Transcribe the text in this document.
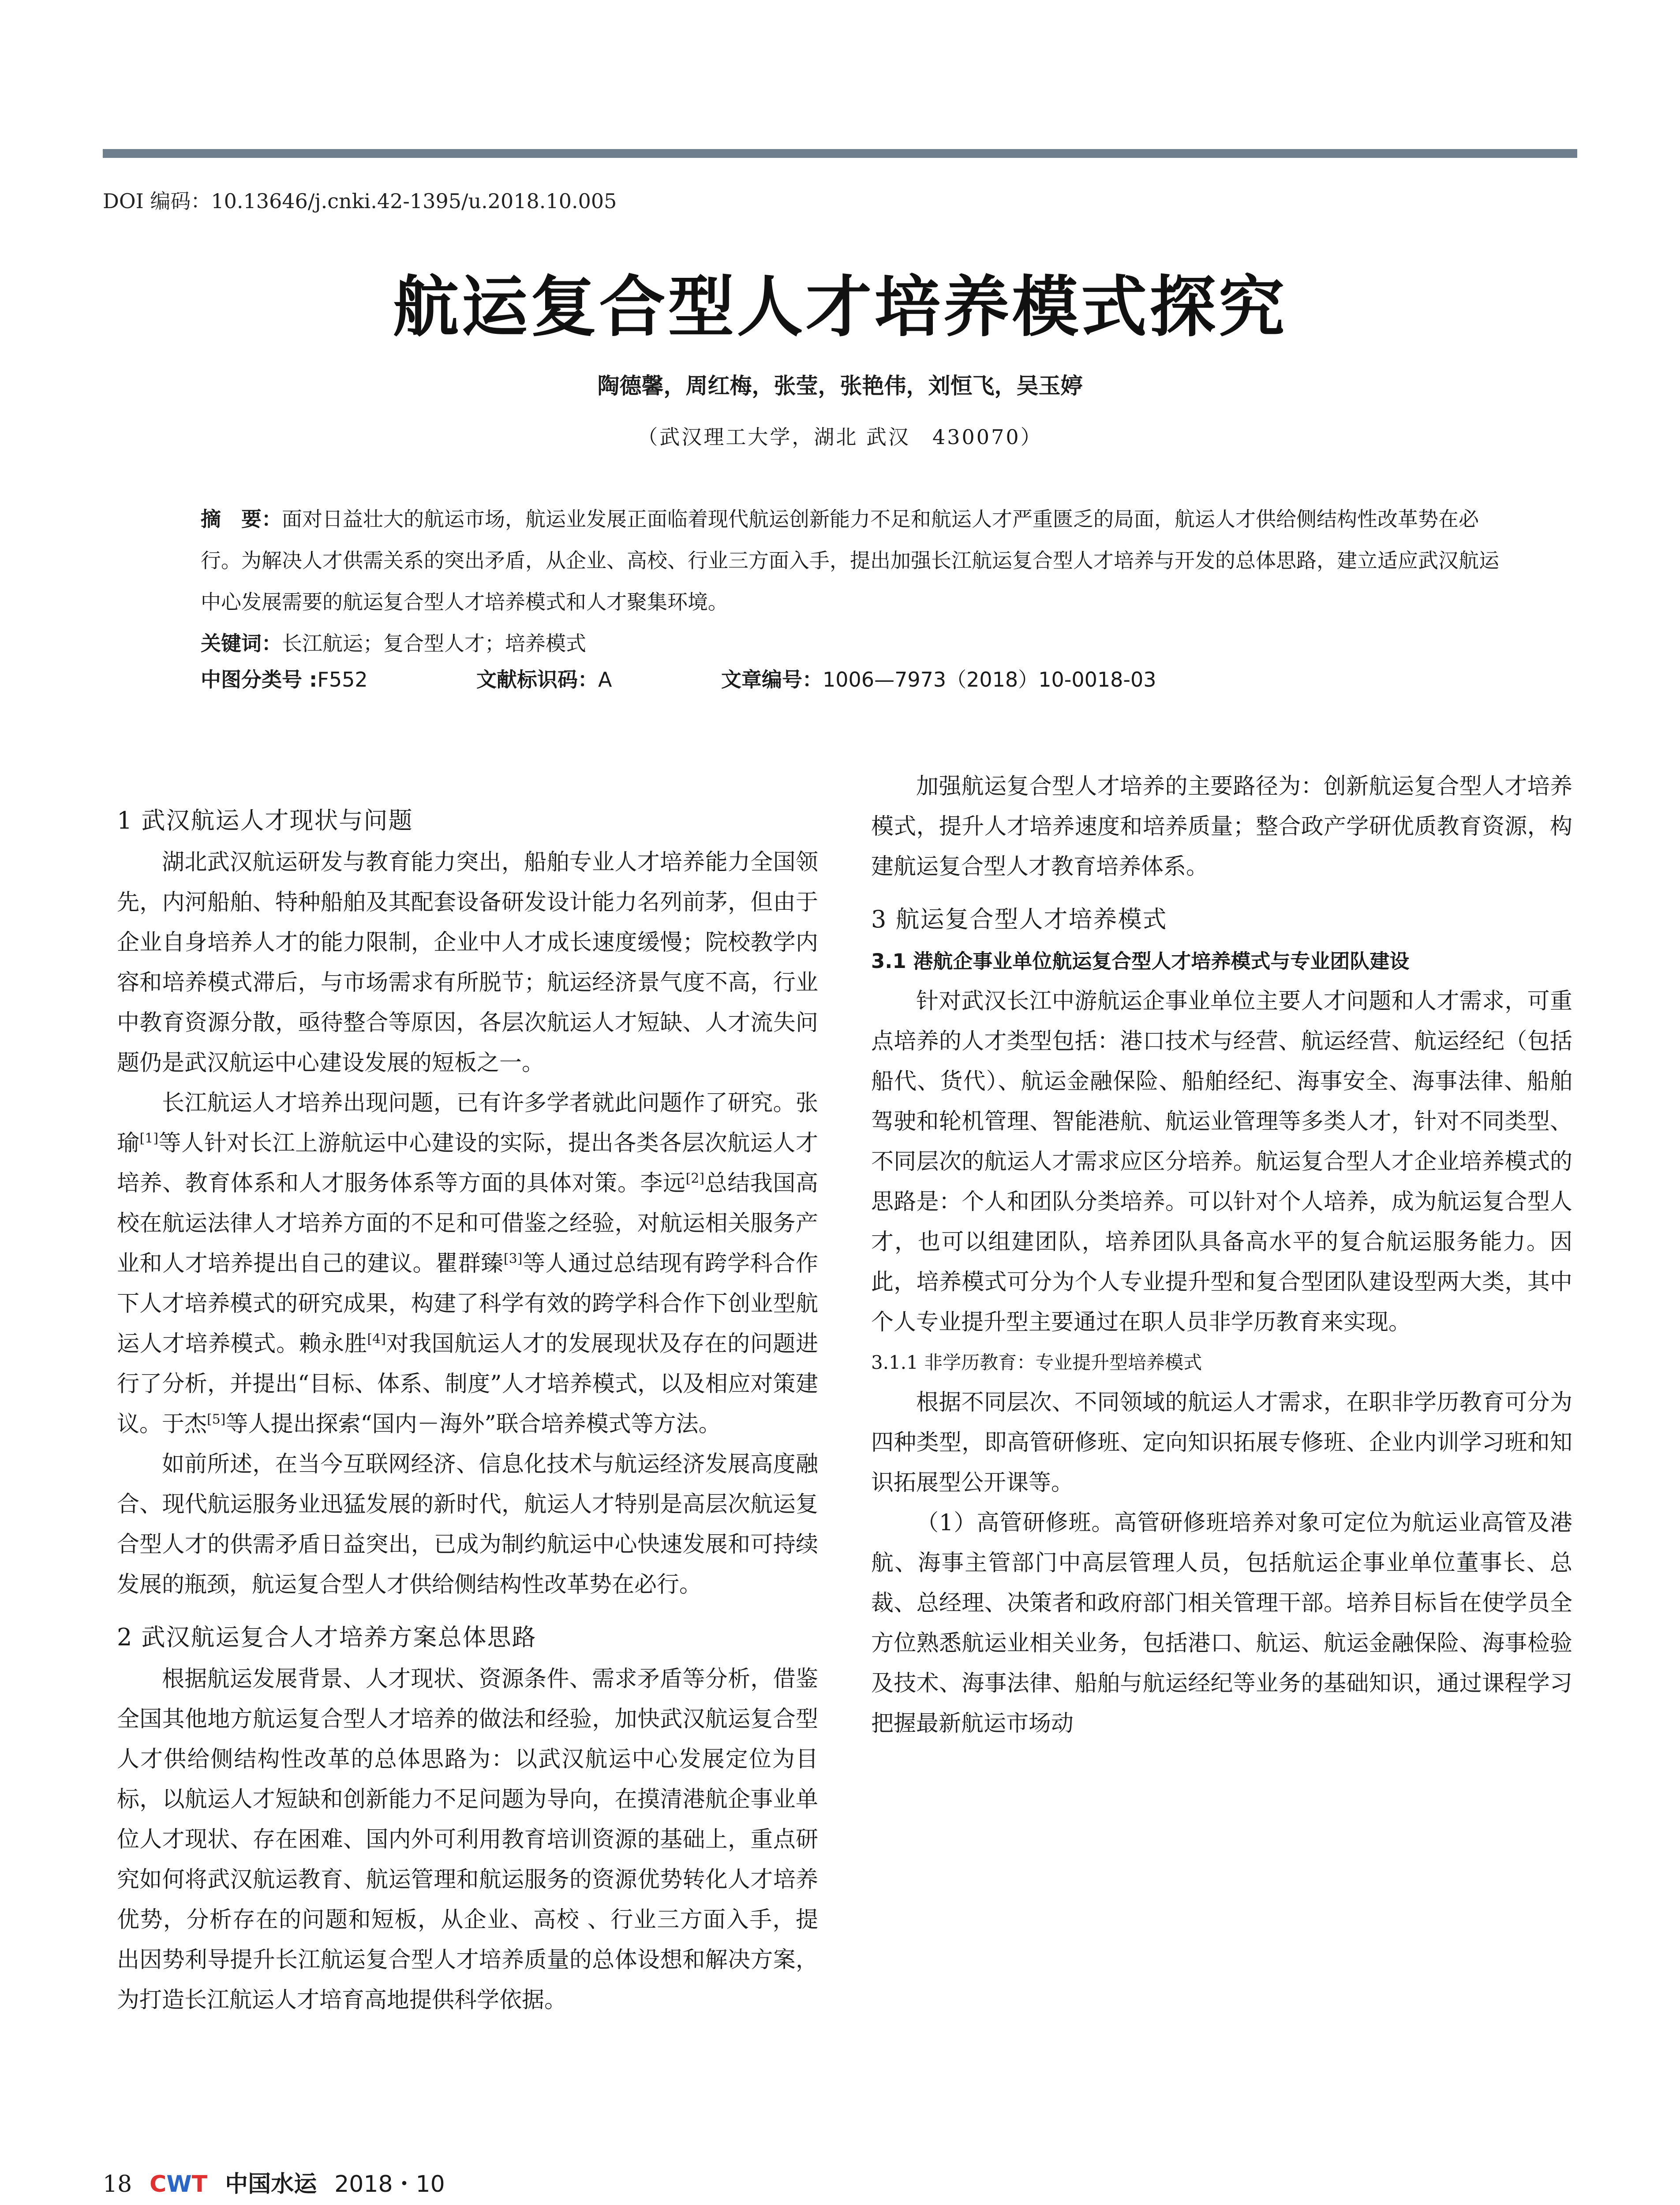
DOI 编码：10.13646/j.cnki.42-1395/u.2018.10.005
航运复合型人才培养模式探究
陶德馨，周红梅，张莹，张艳伟，刘恒飞，吴玉婷
（武汉理工大学，湖北 武汉　430070）

摘　要：面对日益壮大的航运市场，航运业发展正面临着现代航运创新能力不足和航运人才严重匮乏的局面，航运人才供给侧结构性改革势在必行。为解决人才供需关系的突出矛盾，从企业、高校、行业三方面入手，提出加强长江航运复合型人才培养与开发的总体思路，建立适应武汉航运中心发展需要的航运复合型人才培养模式和人才聚集环境。

关键词：长江航运；复合型人才；培养模式

中图分类号 :F552	文献标识码：A	文章编号：1006—7973（2018）10-0018-03
1 武汉航运人才现状与问题

湖北武汉航运研发与教育能力突出，船舶专业人才培养能力全国领先，内河船舶、特种船舶及其配套设备研发设计能力名列前茅，但由于企业自身培养人才的能力限制，企业中人才成长速度缓慢；院校教学内容和培养模式滞后，与市场需求有所脱节；航运经济景气度不高，行业中教育资源分散，亟待整合等原因，各层次航运人才短缺、人才流失问题仍是武汉航运中心建设发展的短板之一。

长江航运人才培养出现问题，已有许多学者就此问题作了研究。张瑜[1]等人针对长江上游航运中心建设的实际，提出各类各层次航运人才培养、教育体系和人才服务体系等方面的具体对策。李远[2]总结我国高校在航运法律人才培养方面的不足和可借鉴之经验，对航运相关服务产业和人才培养提出自己的建议。瞿群臻[3]等人通过总结现有跨学科合作下人才培养模式的研究成果，构建了科学有效的跨学科合作下创业型航运人才培养模式。赖永胜[4]对我国航运人才的发展现状及存在的问题进行了分析，并提出“目标、体系、制度”人才培养模式，以及相应对策建议。于杰[5]等人提出探索“国内－海外”联合培养模式等方法。

如前所述，在当今互联网经济、信息化技术与航运经济发展高度融合、现代航运服务业迅猛发展的新时代，航运人才特别是高层次航运复合型人才的供需矛盾日益突出，已成为制约航运中心快速发展和可持续发展的瓶颈，航运复合型人才供给侧结构性改革势在必行。

2 武汉航运复合人才培养方案总体思路

根据航运发展背景、人才现状、资源条件、需求矛盾等分析，借鉴全国其他地方航运复合型人才培养的做法和经验，加快武汉航运复合型人才供给侧结构性改革的总体思路为：以武汉航运中心发展定位为目标，以航运人才短缺和创新能力不足问题为导向，在摸清港航企事业单位人才现状、存在困难、国内外可利用教育培训资源的基础上，重点研究如何将武汉航运教育、航运管理和航运服务的资源优势转化人才培养优势，分析存在的问题和短板，从企业、高校 、行业三方面入手，提出因势利导提升长江航运复合型人才培养质量的总体设想和解决方案，为打造长江航运人才培育高地提供科学依据。

加强航运复合型人才培养的主要路径为：创新航运复合型人才培养模式，提升人才培养速度和培养质量；整合政产学研优质教育资源，构建航运复合型人才教育培养体系。

3 航运复合型人才培养模式
3.1 港航企事业单位航运复合型人才培养模式与专业团队建设

针对武汉长江中游航运企事业单位主要人才问题和人才需求，可重点培养的人才类型包括：港口技术与经营、航运经营、航运经纪（包括船代、货代）、航运金融保险、船舶经纪、海事安全、海事法律、船舶驾驶和轮机管理、智能港航、航运业管理等多类人才，针对不同类型、不同层次的航运人才需求应区分培养。航运复合型人才企业培养模式的思路是：个人和团队分类培养。可以针对个人培养，成为航运复合型人才，也可以组建团队，培养团队具备高水平的复合航运服务能力。因此，培养模式可分为个人专业提升型和复合型团队建设型两大类，其中个人专业提升型主要通过在职人员非学历教育来实现。

3.1.1 非学历教育：专业提升型培养模式

根据不同层次、不同领域的航运人才需求，在职非学历教育可分为四种类型，即高管研修班、定向知识拓展专修班、企业内训学习班和知识拓展型公开课等。

（1）高管研修班。高管研修班培养对象可定位为航运业高管及港航、海事主管部门中高层管理人员，包括航运企事业单位董事长、总裁、总经理、决策者和政府部门相关管理干部。培养目标旨在使学员全方位熟悉航运业相关业务，包括港口、航运、航运金融保险、海事检验及技术、海事法律、船舶与航运经纪等业务的基础知识，通过课程学习把握最新航运市场动

18 CWT 中国水运 2018・10
